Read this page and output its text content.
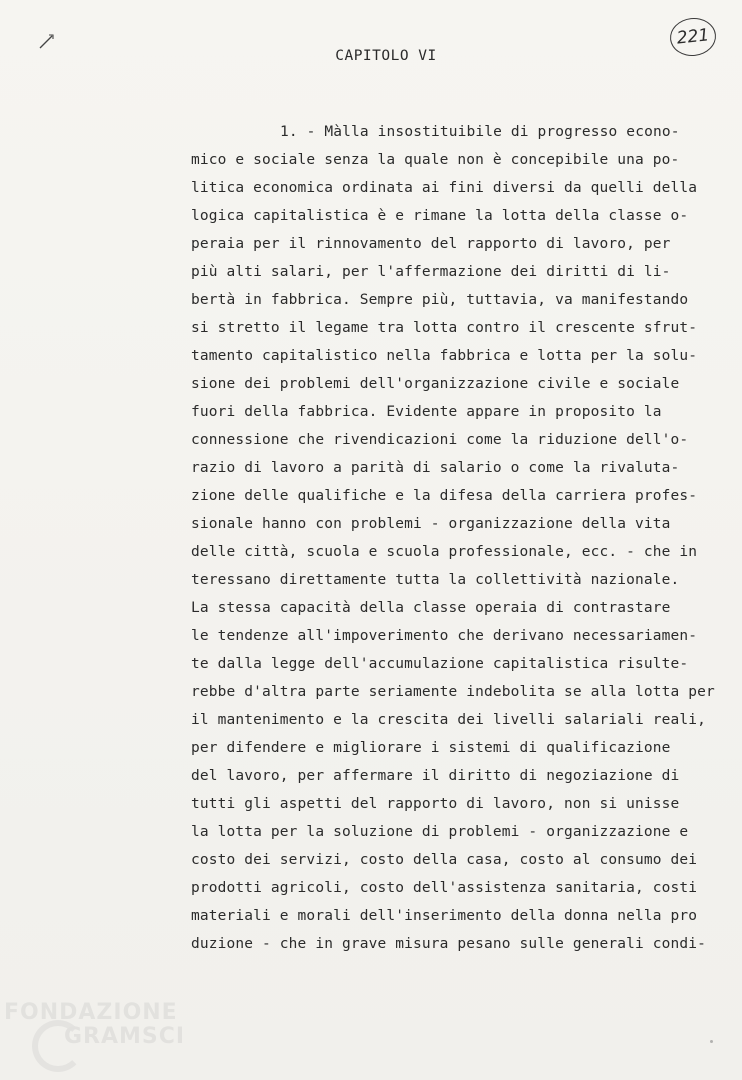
221
CAPITOLO VI
1. - Màlla insostituibile di progresso econo-
mico e sociale senza la quale non è concepibile una po-
litica economica ordinata ai fini diversi da quelli della
logica capitalistica è e rimane la lotta della classe o-
peraia per il rinnovamento del rapporto di lavoro, per
più alti salari, per l'affermazione dei diritti di li-
bertà in fabbrica. Sempre più, tuttavia, va manifestando
si stretto il legame tra lotta contro il crescente sfrut-
tamento capitalistico nella fabbrica e lotta per la solu-
sione dei problemi dell'organizzazione civile e sociale
fuori della fabbrica. Evidente appare in proposito la
connessione che rivendicazioni come la riduzione dell'o-
razio di lavoro a parità di salario o come la rivaluta-
zione delle qualifiche e la difesa della carriera profes-
sionale hanno con problemi - organizzazione della vita
delle città, scuola e scuola professionale, ecc. - che in
teressano direttamente tutta la collettività nazionale.
La stessa capacità della classe operaia di contrastare
le tendenze all'impoverimento che derivano necessariamen-
te dalla legge dell'accumulazione capitalistica risulte-
rebbe d'altra parte seriamente indebolita se alla lotta per
il mantenimento e la crescita dei livelli salariali reali,
per difendere e migliorare i sistemi di qualificazione
del lavoro, per affermare il diritto di negoziazione di
tutti gli aspetti del rapporto di lavoro, non si unisse
la lotta per la soluzione di problemi - organizzazione e
costo dei servizi, costo della casa, costo al consumo dei
prodotti agricoli, costo dell'assistenza sanitaria, costi
materiali e morali dell'inserimento della donna nella pro
duzione - che in grave misura pesano sulle generali condi-
FONDAZIONE
GRAMSCI
